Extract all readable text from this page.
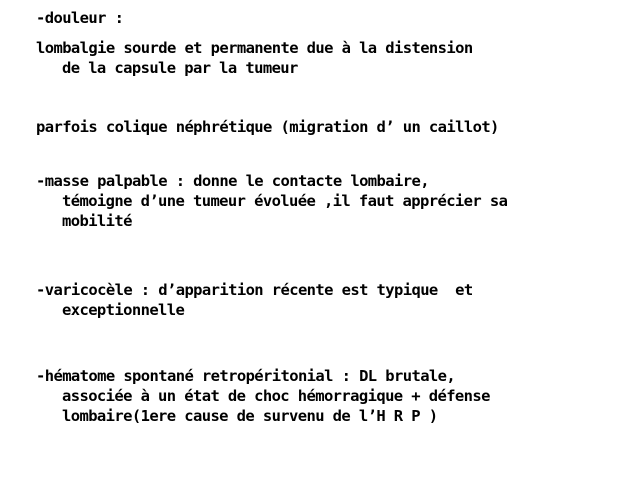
-douleur :
lombalgie sourde et permanente due à la distension
de la capsule par la tumeur
parfois colique néphrétique (migration d’ un caillot)
-masse palpable : donne le contacte lombaire,
témoigne d’une tumeur évoluée ,il faut apprécier sa
mobilité
-varicocèle : d’apparition récente est typique  et
exceptionnelle
-hématome spontané retropéritonial : DL brutale,
associée à un état de choc hémorragique + défense
lombaire(1ere cause de survenu de l’H R P )
